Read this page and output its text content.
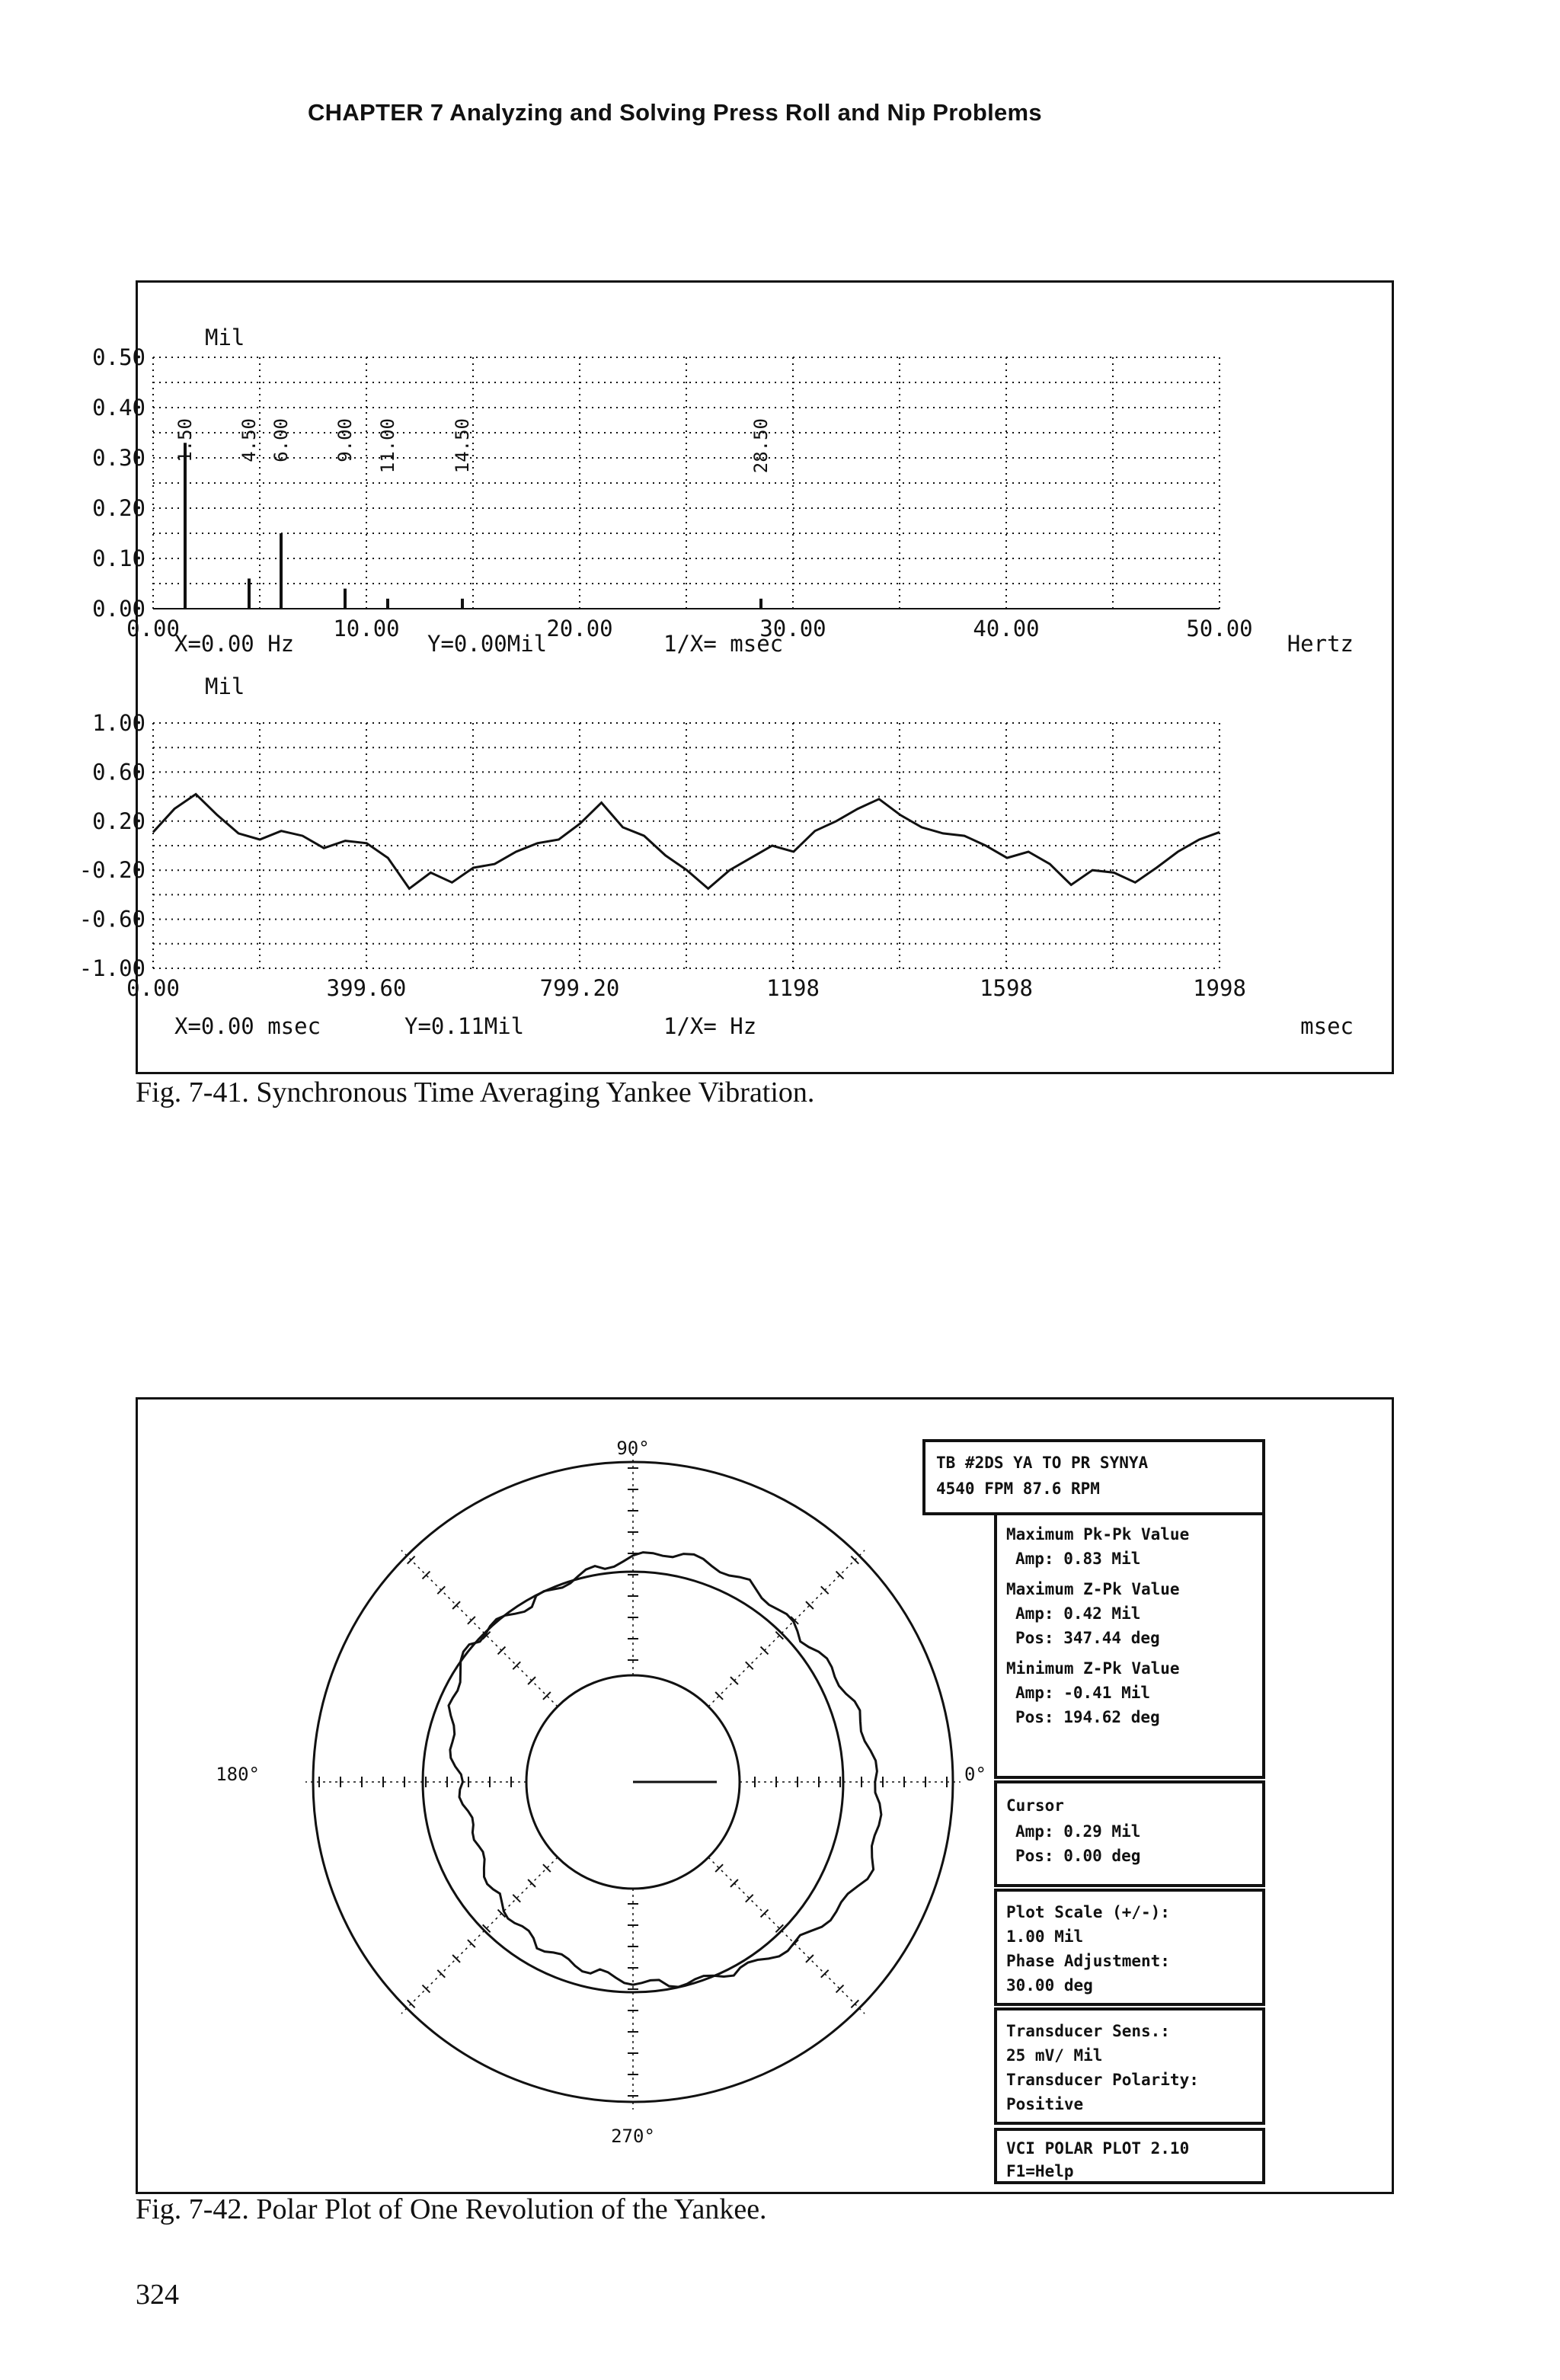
CHAPTER 7 Analyzing and Solving Press Roll and Nip Problems
1.50 4.50 6.00 9.00 11.00	14.50	28.50
0.50
0.40
0.30
0.20
0.10
0.00
0.00	10.00	20.00	30.00	40.00	50.00
Mil
X=0.00 Hz	Y=0.00Mil	1/X= msec	Hertz
1.00
0.60
0.20
-0.20
-0.60
-1.00
0.00	399.60	799.20	1198	1598	1998
Mil
X=0.00 msec	Y=0.11Mil	1/X= Hz	msec
Fig. 7-41. Synchronous Time Averaging Yankee Vibration.
90°
0°
270°
180°
TB #2DS YA TO PR SYNYA
4540 FPM 87.6 RPM
Maximum Pk-Pk Value
Amp: 0.83 Mil
Maximum Z-Pk Value
Amp: 0.42 Mil
Pos: 347.44 deg
Minimum Z-Pk Value
Amp: -0.41 Mil
Pos: 194.62 deg
Cursor
Amp: 0.29 Mil
Pos: 0.00 deg
Plot Scale (+/-):
1.00 Mil
Phase Adjustment:
30.00 deg
Transducer Sens.:
25 mV/ Mil
Transducer Polarity:
Positive
VCI POLAR PLOT 2.10
F1=Help
Fig. 7-42. Polar Plot of One Revolution of the Yankee.
324
